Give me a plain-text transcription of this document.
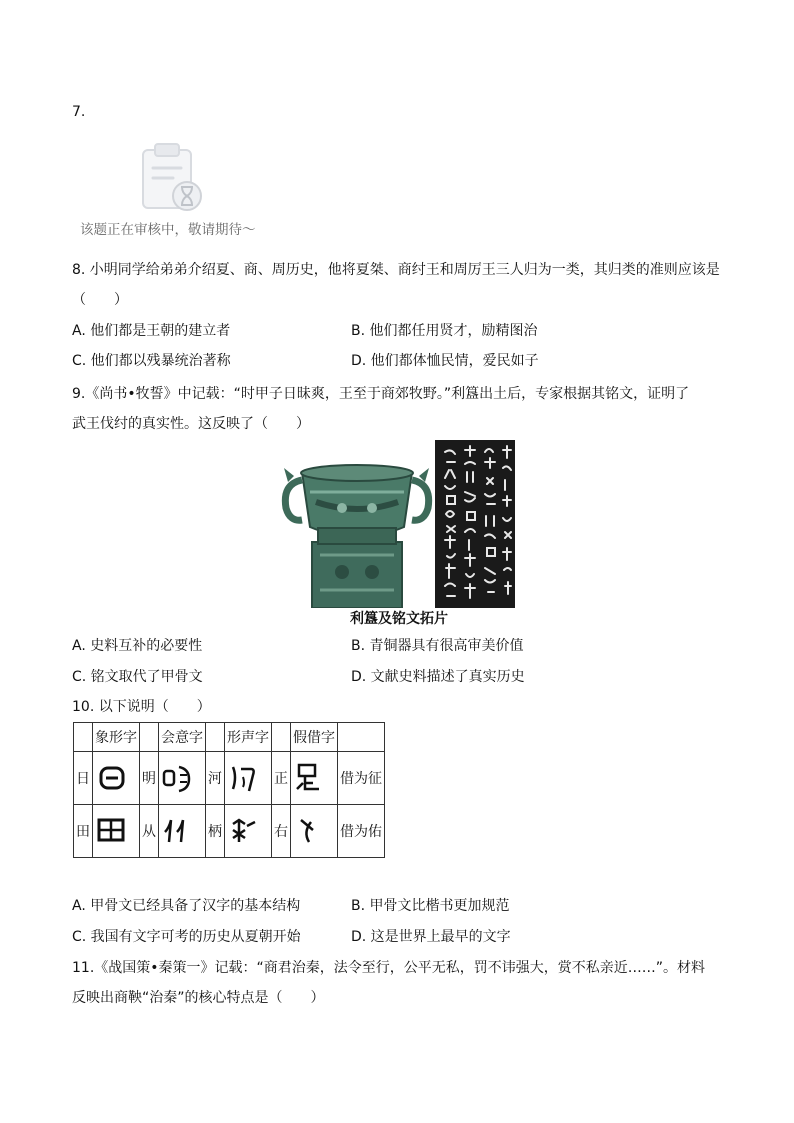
7.
该题正在审核中，敬请期待～
8. 小明同学给弟弟介绍夏、商、周历史，他将夏桀、商纣王和周厉王三人归为一类，其归类的准则应该是
（　　）
A. 他们都是王朝的建立者	B. 他们都任用贤才，励精图治
C. 他们都以残暴统治著称	D. 他们都体恤民情，爱民如子
9.《尚书•牧誓》中记载：“时甲子日昧爽，王至于商郊牧野。”利簋出土后，专家根据其铭文，证明了
武王伐纣的真实性。这反映了（　　）
利簋及铭文拓片
A. 史料互补的必要性	B. 青铜器具有很高审美价值
C. 铭文取代了甲骨文	D. 文献史料描述了真实历史
10. 以下说明（　　）
	象形字		会意字		形声字		假借字	
日		明		河		正		借为征
田		从		柄		右		借为佑
A. 甲骨文已经具备了汉字的基本结构	B. 甲骨文比楷书更加规范
C. 我国有文字可考的历史从夏朝开始	D. 这是世界上最早的文字
11.《战国策•秦策一》记载：“商君治秦，法令至行，公平无私，罚不讳强大，赏不私亲近……”。材料
反映出商鞅“治秦”的核心特点是（　　）
